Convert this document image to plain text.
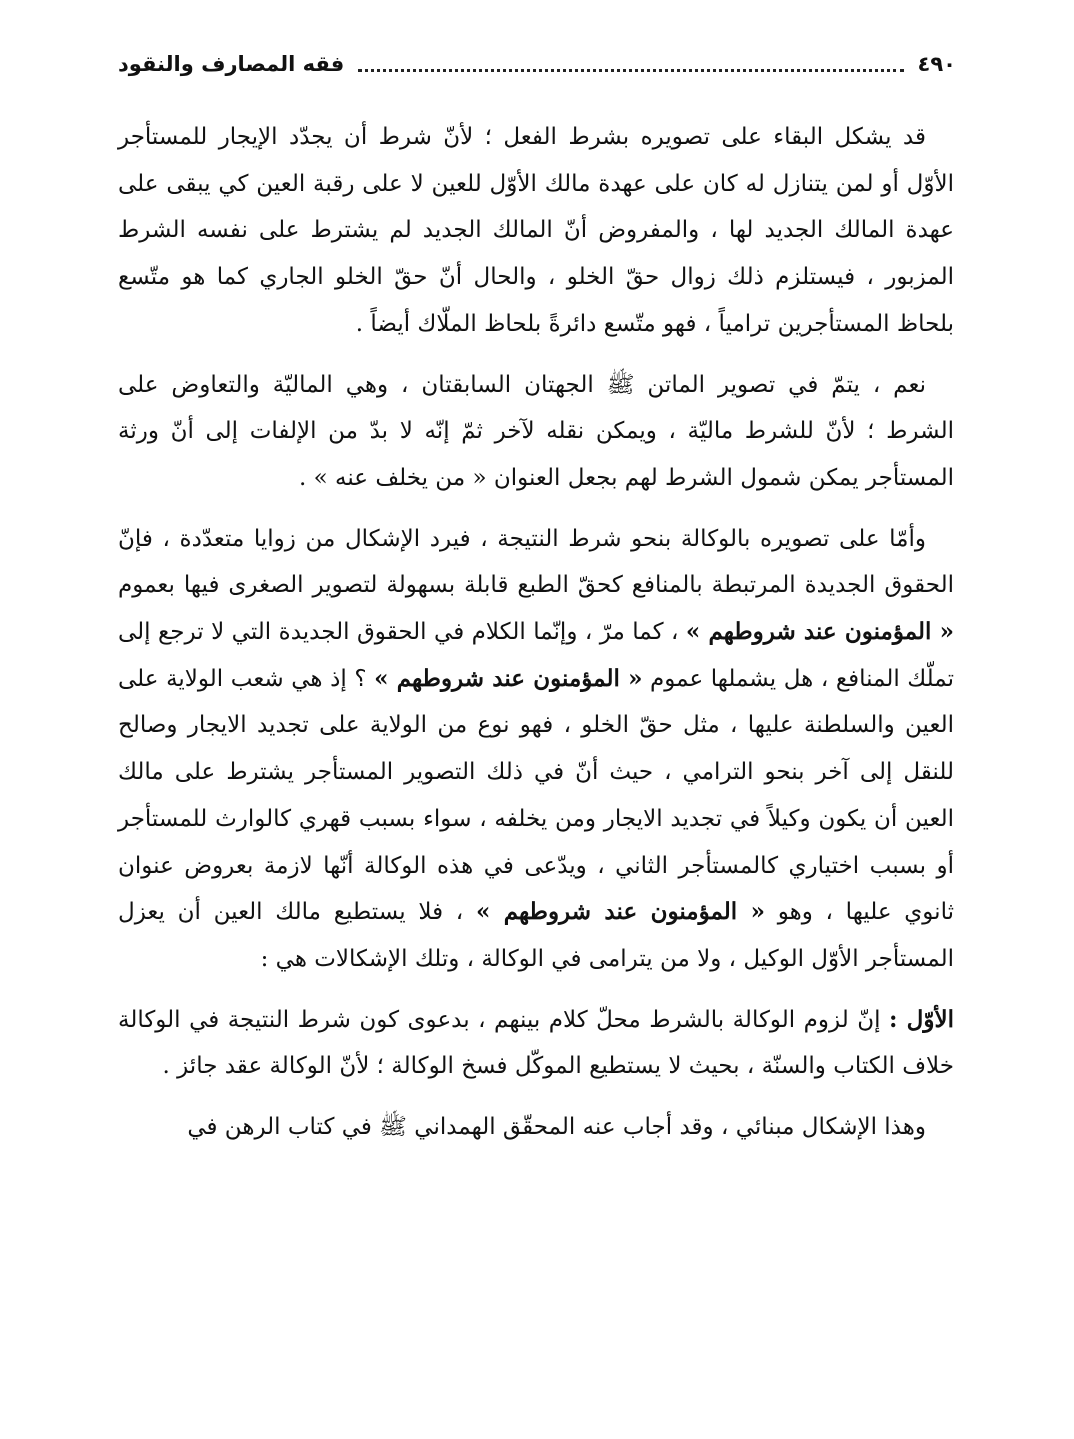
٤٩٠
فقه المصارف والنقود

قد يشكل البقاء على تصويره بشرط الفعل ؛ لأنّ شرط أن يجدّد الإيجار للمستأجر الأوّل أو لمن يتنازل له كان على عهدة مالك الأوّل للعين لا على رقبة العين كي يبقى على عهدة المالك الجديد لها ، والمفروض أنّ المالك الجديد لم يشترط على نفسه الشرط المزبور ، فيستلزم ذلك زوال حقّ الخلو ، والحال أنّ حقّ الخلو الجاري كما هو متّسع بلحاظ المستأجرين ترامياً ، فهو متّسع دائرةً بلحاظ الملّاك أيضاً .

نعم ، يتمّ في تصوير الماتن ﷺ الجهتان السابقتان ، وهي الماليّة والتعاوض على الشرط ؛ لأنّ للشرط ماليّة ، ويمكن نقله لآخر ثمّ إنّه لا بدّ من الإلفات إلى أنّ ورثة المستأجر يمكن شمول الشرط لهم بجعل العنوان « من يخلف عنه » .

وأمّا على تصويره بالوكالة بنحو شرط النتيجة ، فيرد الإشكال من زوايا متعدّدة ، فإنّ الحقوق الجديدة المرتبطة بالمنافع كحقّ الطبع قابلة بسهولة لتصوير الصغرى فيها بعموم « المؤمنون عند شروطهم » ، كما مرّ ، وإنّما الكلام في الحقوق الجديدة التي لا ترجع إلى تملّك المنافع ، هل يشملها عموم « المؤمنون عند شروطهم » ؟ إذ هي شعب الولاية على العين والسلطنة عليها ، مثل حقّ الخلو ، فهو نوع من الولاية على تجديد الايجار وصالح للنقل إلى آخر بنحو الترامي ، حيث أنّ في ذلك التصوير المستأجر يشترط على مالك العين أن يكون وكيلاً في تجديد الايجار ومن يخلفه ، سواء بسبب قهري كالوارث للمستأجر أو بسبب اختياري كالمستأجر الثاني ، ويدّعى في هذه الوكالة أنّها لازمة بعروض عنوان ثانوي عليها ، وهو « المؤمنون عند شروطهم » ، فلا يستطيع مالك العين أن يعزل المستأجر الأوّل الوكيل ، ولا من يترامى في الوكالة ، وتلك الإشكالات هي :

الأوّل : إنّ لزوم الوكالة بالشرط محلّ كلام بينهم ، بدعوى كون شرط النتيجة في الوكالة خلاف الكتاب والسنّة ، بحيث لا يستطيع الموكّل فسخ الوكالة ؛ لأنّ الوكالة عقد جائز .

وهذا الإشكال مبنائي ، وقد أجاب عنه المحقّق الهمداني ﷺ في كتاب الرهن في
